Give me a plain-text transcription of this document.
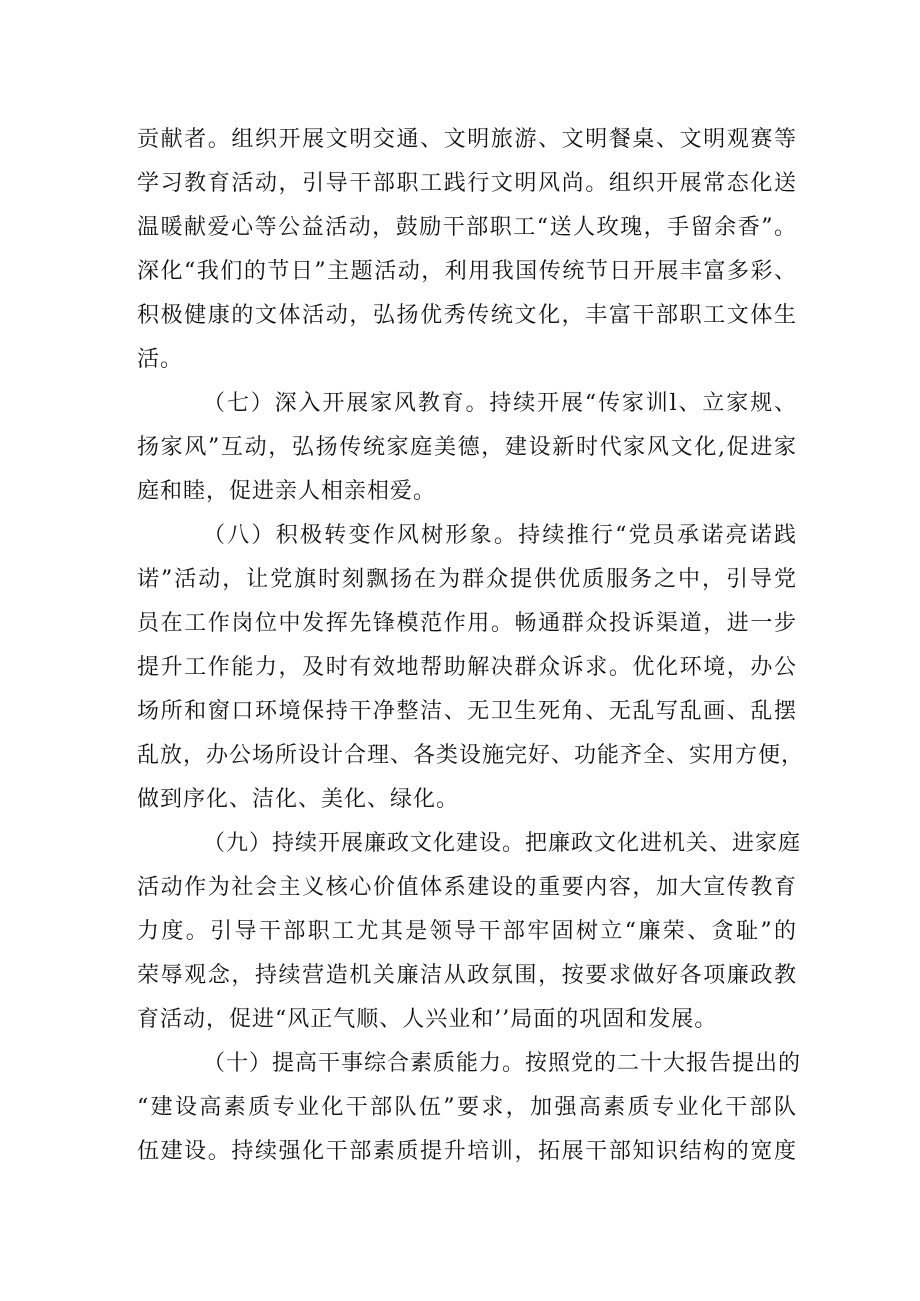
贡献者。组织开展文明交通、文明旅游、文明餐桌、文明观赛等
学习教育活动，引导干部职工践行文明风尚。组织开展常态化送
温暖献爱心等公益活动，鼓励干部职工“送人玫瑰，手留余香”。
深化“我们的节日”主题活动，利用我国传统节日开展丰富多彩、
积极健康的文体活动，弘扬优秀传统文化，丰富干部职工文体生
活。
（七）深入开展家风教育。持续开展“传家训l、立家规、
扬家风”互动，弘扬传统家庭美德，建设新时代家风文化,促进家
庭和睦，促进亲人相亲相爱。
（八）积极转变作风树形象。持续推行“党员承诺亮诺践
诺”活动，让党旗时刻飘扬在为群众提供优质服务之中，引导党
员在工作岗位中发挥先锋模范作用。畅通群众投诉渠道，进一步
提升工作能力，及时有效地帮助解决群众诉求。优化环境，办公
场所和窗口环境保持干净整洁、无卫生死角、无乱写乱画、乱摆
乱放，办公场所设计合理、各类设施完好、功能齐全、实用方便，
做到序化、洁化、美化、绿化。
（九）持续开展廉政文化建设。把廉政文化进机关、进家庭
活动作为社会主义核心价值体系建设的重要内容，加大宣传教育
力度。引导干部职工尤其是领导干部牢固树立“廉荣、贪耻”的
荣辱观念，持续营造机关廉洁从政氛围，按要求做好各项廉政教
育活动，促进“风正气顺、人兴业和’’局面的巩固和发展。
（十）提高干事综合素质能力。按照党的二十大报告提出的
“建设高素质专业化干部队伍”要求，加强高素质专业化干部队
伍建设。持续强化干部素质提升培训，拓展干部知识结构的宽度
